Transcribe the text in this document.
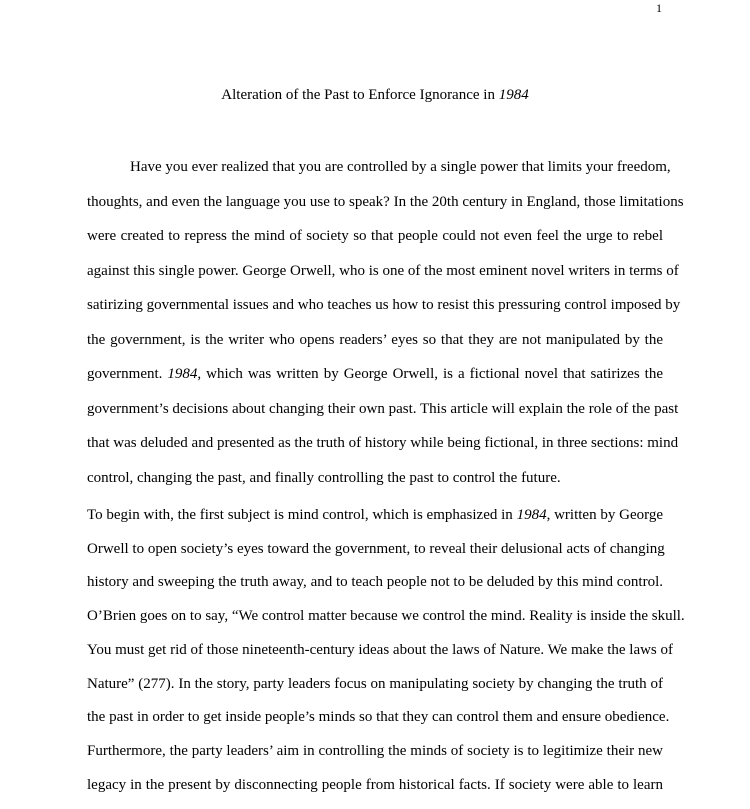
1
Alteration of the Past to Enforce Ignorance in 1984
Have you ever realized that you are controlled by a single power that limits your freedom,
thoughts, and even the language you use to speak? In the 20th century in England, those limitations
were created to repress the mind of society so that people could not even feel the urge to rebel
against this single power. George Orwell, who is one of the most eminent novel writers in terms of
satirizing governmental issues and who teaches us how to resist this pressuring control imposed by
the government, is the writer who opens readers’ eyes so that they are not manipulated by the
government. 1984, which was written by George Orwell, is a fictional novel that satirizes the
government’s decisions about changing their own past. This article will explain the role of the past
that was deluded and presented as the truth of history while being fictional, in three sections: mind
control, changing the past, and finally controlling the past to control the future.
To begin with, the first subject is mind control, which is emphasized in 1984, written by George
Orwell to open society’s eyes toward the government, to reveal their delusional acts of changing
history and sweeping the truth away, and to teach people not to be deluded by this mind control.
O’Brien goes on to say, “We control matter because we control the mind. Reality is inside the skull.
You must get rid of those nineteenth-century ideas about the laws of Nature. We make the laws of
Nature” (277). In the story, party leaders focus on manipulating society by changing the truth of
the past in order to get inside people’s minds so that they can control them and ensure obedience.
Furthermore, the party leaders’ aim in controlling the minds of society is to legitimize their new
legacy in the present by disconnecting people from historical facts. If society were able to learn
